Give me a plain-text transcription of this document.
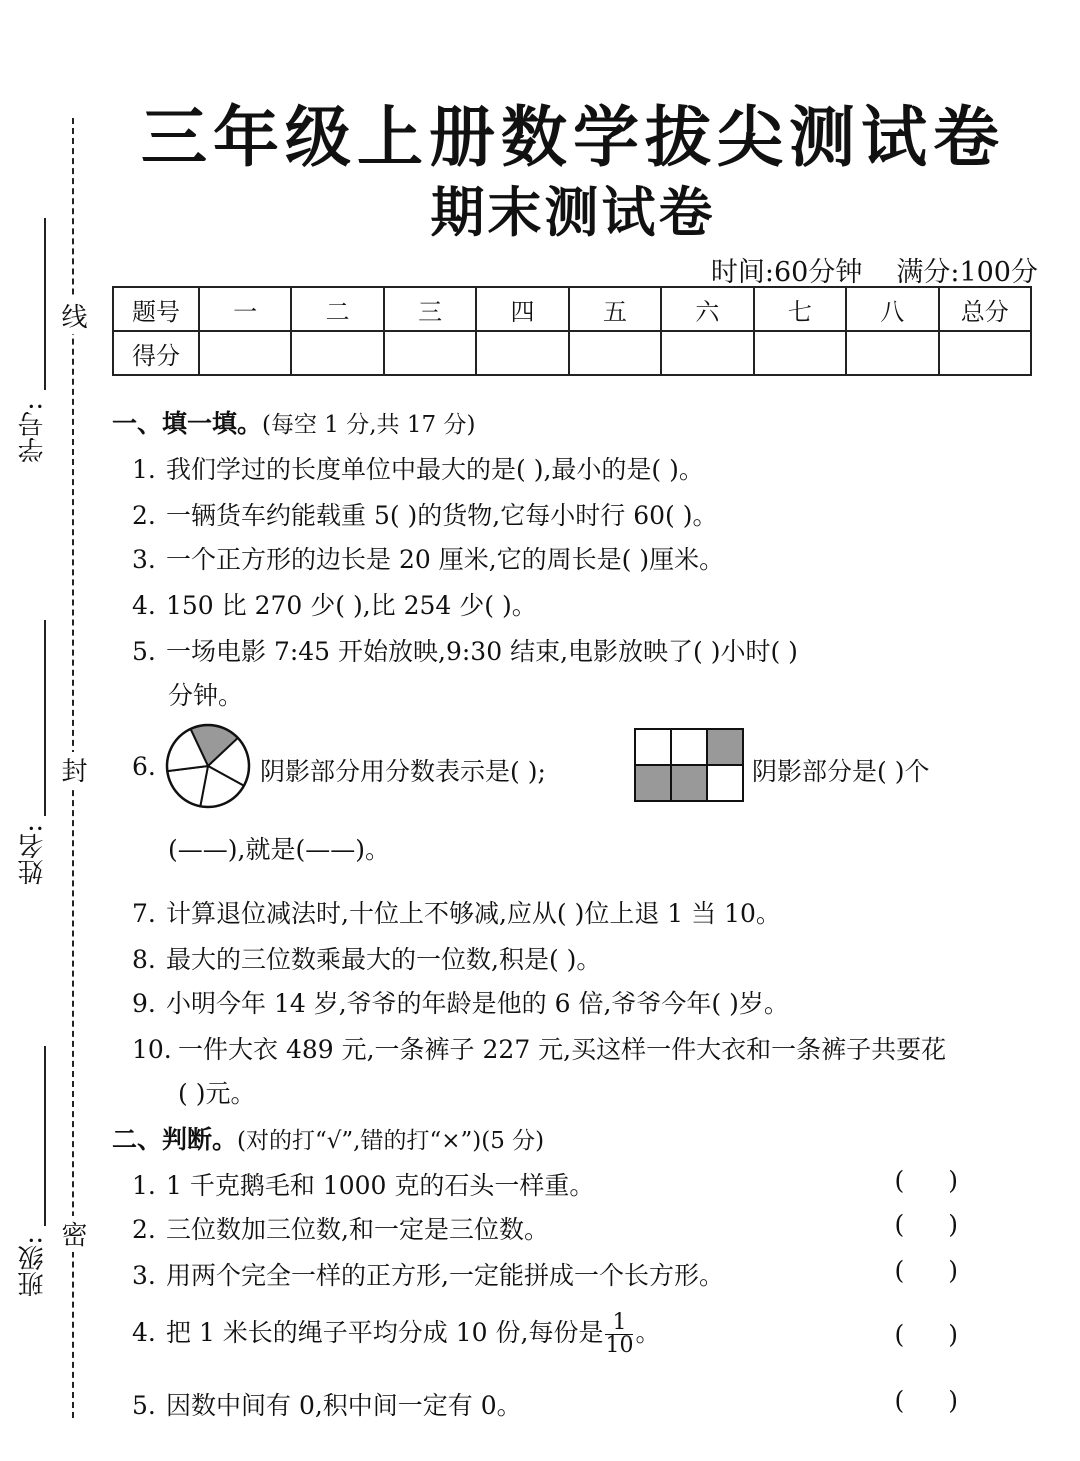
线
封
密
学号:
姓名:
班级:
三年级上册数学拔尖测试卷
期末测试卷
时间:60分钟 满分:100分
题号	一	二	三	四	五	六	七	八	总分
得分									
一、填一填。(每空 1 分,共 17 分)
1. 我们学过的长度单位中最大的是( ),最小的是( )。
2. 一辆货车约能载重 5( )的货物,它每小时行 60( )。
3. 一个正方形的边长是 20 厘米,它的周长是( )厘米。
4. 150 比 270 少( ),比 254 少( )。
5. 一场电影 7:45 开始放映,9:30 结束,电影放映了( )小时( )
分钟。
6.	阴影部分用分数表示是( );	阴影部分是( )个
(——),就是(——)。
7. 计算退位减法时,十位上不够减,应从( )位上退 1 当 10。
8. 最大的三位数乘最大的一位数,积是( )。
9. 小明今年 14 岁,爷爷的年龄是他的 6 倍,爷爷今年( )岁。
10. 一件大衣 489 元,一条裤子 227 元,买这样一件大衣和一条裤子共要花
( )元。
二、判断。(对的打“√”,错的打“×”)(5 分)
1. 1 千克鹅毛和 1000 克的石头一样重。	()
2. 三位数加三位数,和一定是三位数。	()
3. 用两个完全一样的正方形,一定能拼成一个长方形。	()
4. 把 1 米长的绳子平均分成 10 份,每份是 $\frac{1}{10}$ 。	()
5. 因数中间有 0,积中间一定有 0。	()
